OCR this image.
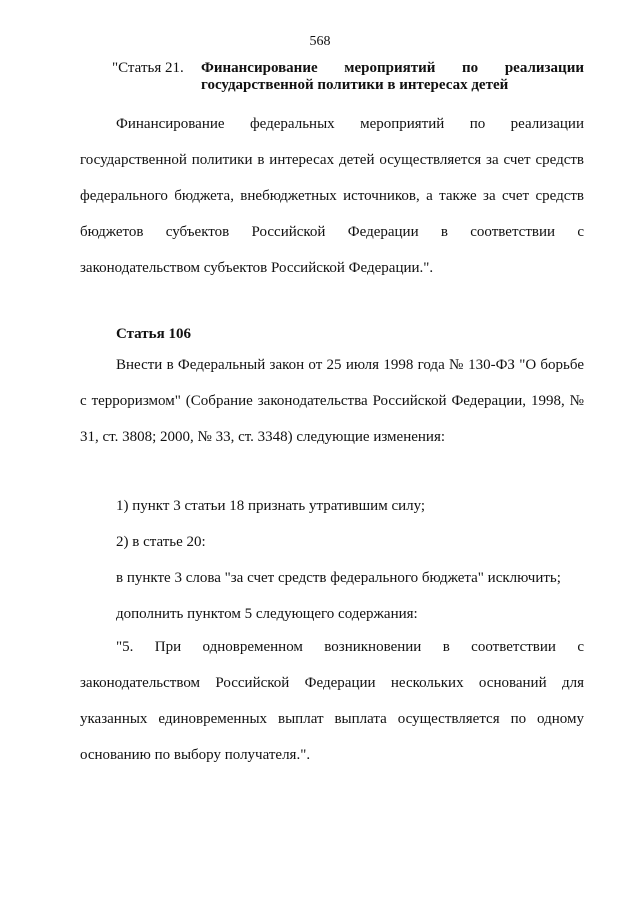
568
"Статья 21.	Финансирование мероприятий по реализации
государственной политики в интересах детей

Финансирование федеральных мероприятий по реализации государственной политики в интересах детей осуществляется за счет средств федерального бюджета, внебюджетных источников, а также за счет средств бюджетов субъектов Российской Федерации в соответствии с законодательством субъектов Российской Федерации.".

Статья 106

Внести в Федеральный закон от 25 июля 1998 года № 130-ФЗ "О борьбе с терроризмом" (Собрание законодательства Российской Федерации, 1998, № 31, ст. 3808; 2000, № 33, ст. 3348) следующие изменения:

1) пункт 3 статьи 18 признать утратившим силу;
2) в статье 20:
в пункте 3 слова "за счет средств федерального бюджета" исключить;
дополнить пунктом 5 следующего содержания:

"5. При одновременном возникновении в соответствии с законодательством Российской Федерации нескольких оснований для указанных единовременных выплат выплата осуществляется по одному основанию по выбору получателя.".
